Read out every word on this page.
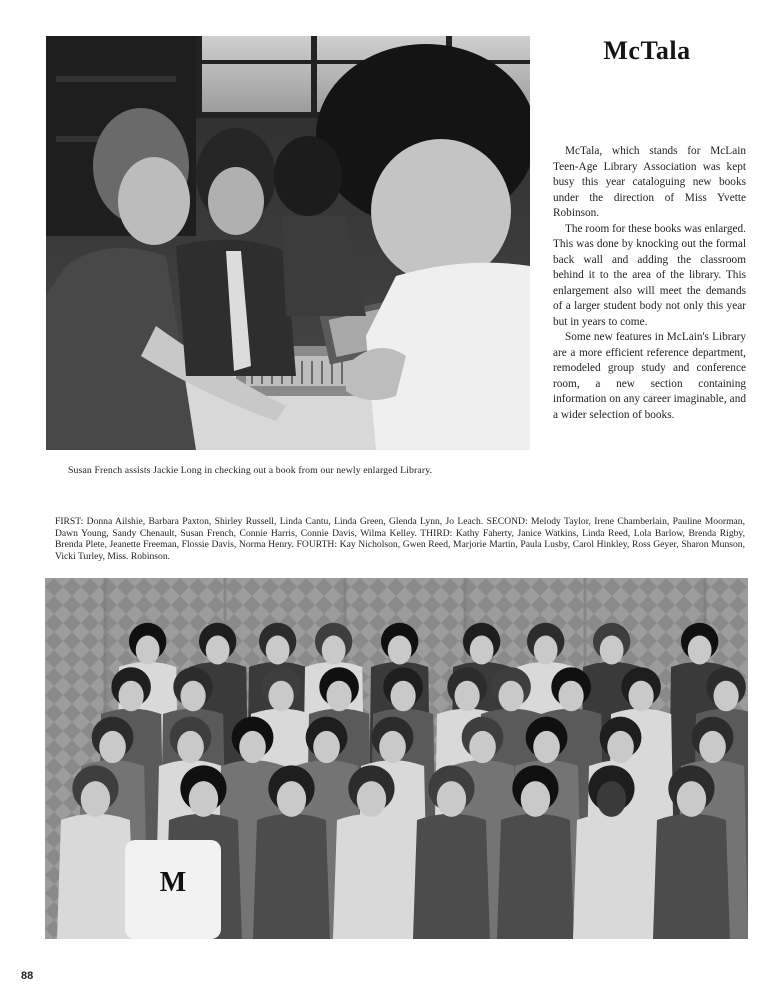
McTala

McTala, which stands for McLain Teen-Age Library Association was kept busy this year cataloguing new books under the direction of Miss Yvette Robinson.

The room for these books was enlarged. This was done by knocking out the formal back wall and adding the classroom behind it to the area of the library. This enlargement also will meet the demands of a larger student body not only this year but in years to come.

Some new features in McLain's Library are a more efficient reference department, remodeled group study and conference room, a new section containing information on any career imaginable, and a wider selection of books.

Susan French assists Jackie Long in checking out a book from our newly enlarged Library.
FIRST: Donna Ailshie, Barbara Paxton, Shirley Russell, Linda Cantu, Linda Green, Glenda Lynn, Jo Leach. SECOND: Melody Taylor, Irene Chamberlain, Pauline Moorman, Dawn Young, Sandy Chenault, Susan French, Connie Harris, Connie Davis, Wilma Kelley. THIRD: Kathy Faherty, Janice Watkins, Linda Reed, Lola Barlow, Brenda Rigby, Brenda Plete, Jeanette Freeman, Flossie Davis, Norma Henry. FOURTH: Kay Nicholson, Gwen Reed, Marjorie Martin, Paula Lusby, Carol Hinkley, Ross Geyer, Sharon Munson, Vicki Turley, Miss. Robinson.
M
88
